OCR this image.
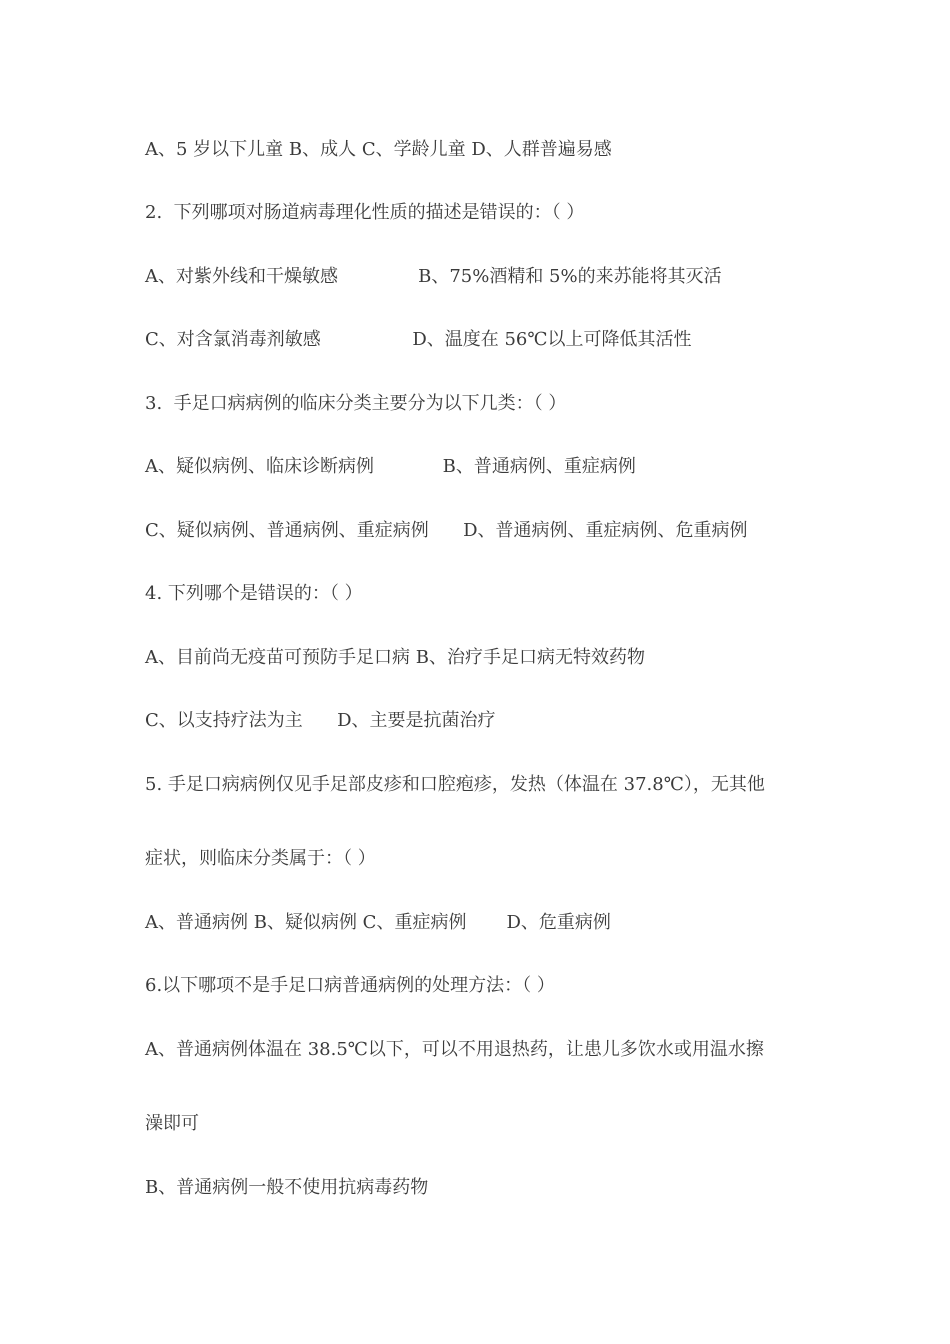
A、5 岁以下儿童 B、成人 C、学龄儿童 D、人群普遍易感
2.  下列哪项对肠道病毒理化性质的描述是错误的：（ ）
A、对紫外线和干燥敏感              B、75%酒精和 5%的来苏能将其灭活
C、对含氯消毒剂敏感                D、温度在 56℃以上可降低其活性
3.  手足口病病例的临床分类主要分为以下几类：（ ）
A、疑似病例、临床诊断病例            B、普通病例、重症病例
C、疑似病例、普通病例、重症病例      D、普通病例、重症病例、危重病例
4. 下列哪个是错误的：（ ）
A、目前尚无疫苗可预防手足口病 B、治疗手足口病无特效药物
C、以支持疗法为主      D、主要是抗菌治疗
5. 手足口病病例仅见手足部皮疹和口腔疱疹，发热（体温在 37.8℃），无其他
症状，则临床分类属于：（ ）
A、普通病例 B、疑似病例 C、重症病例       D、危重病例
6.以下哪项不是手足口病普通病例的处理方法：（ ）
A、普通病例体温在 38.5℃以下，可以不用退热药，让患儿多饮水或用温水擦
澡即可
B、普通病例一般不使用抗病毒药物
